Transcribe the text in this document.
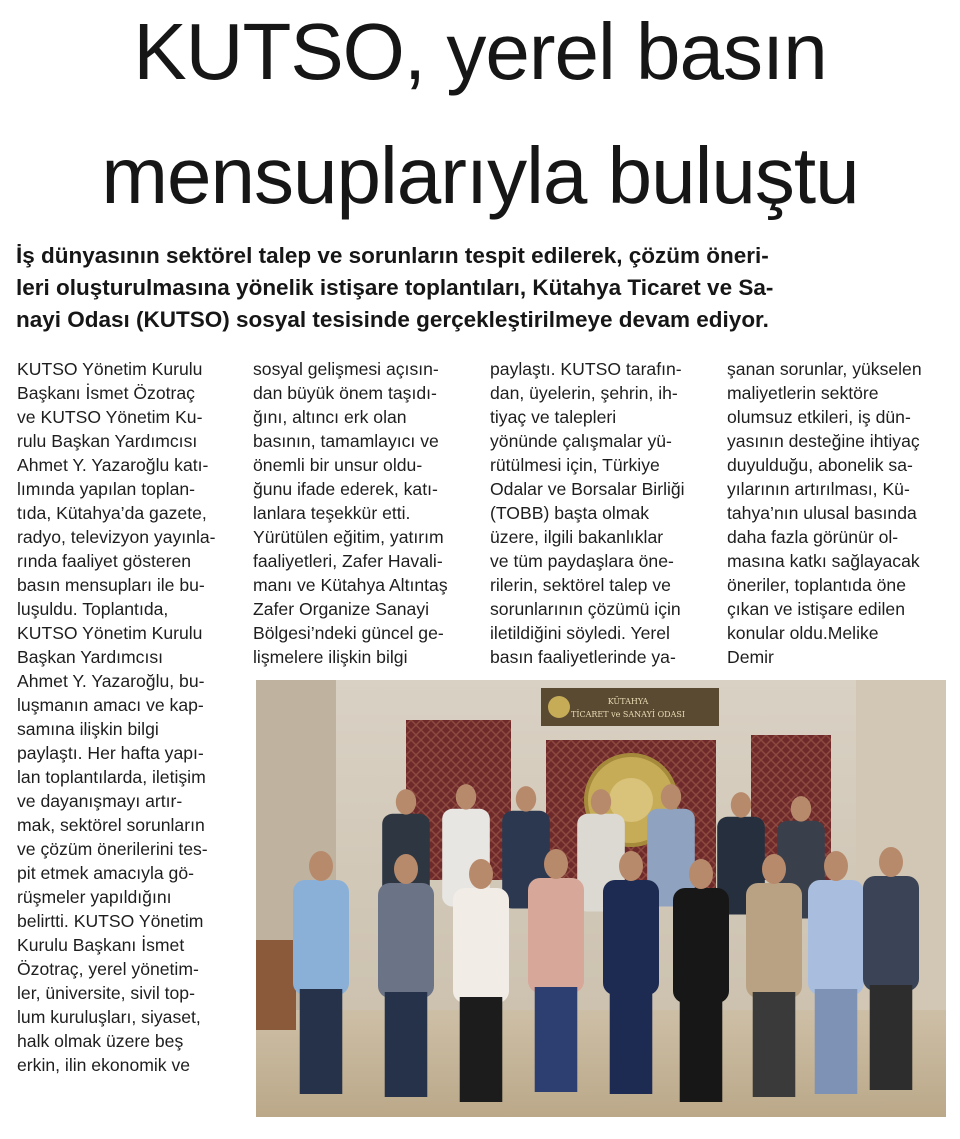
KUTSO, yerel basın
mensuplarıyla buluştu
İş dünyasının sektörel talep ve sorunların tespit edilerek, çözüm öneri-
leri oluşturulmasına yönelik istişare toplantıları, Kütahya Ticaret ve Sa-
nayi Odası (KUTSO) sosyal tesisinde gerçekleştirilmeye devam ediyor.
KUTSO Yönetim Kurulu
Başkanı İsmet Özotraç
ve KUTSO Yönetim Ku-
rulu Başkan Yardımcısı
Ahmet Y. Yazaroğlu katı-
lımında yapılan toplan-
tıda, Kütahya’da gazete,
radyo, televizyon yayınla-
rında faaliyet gösteren
basın mensupları ile bu-
luşuldu. Toplantıda,
KUTSO Yönetim Kurulu
Başkan Yardımcısı
Ahmet Y. Yazaroğlu, bu-
luşmanın amacı ve kap-
samına ilişkin bilgi
paylaştı. Her hafta yapı-
lan toplantılarda, iletişim
ve dayanışmayı artır-
mak, sektörel sorunların
ve çözüm önerilerini tes-
pit etmek amacıyla gö-
rüşmeler yapıldığını
belirtti. KUTSO Yönetim
Kurulu Başkanı İsmet
Özotraç, yerel yönetim-
ler, üniversite, sivil top-
lum kuruluşları, siyaset,
halk olmak üzere beş
erkin, ilin ekonomik ve
sosyal gelişmesi açısın-
dan büyük önem taşıdı-
ğını, altıncı erk olan
basının, tamamlayıcı ve
önemli bir unsur oldu-
ğunu ifade ederek, katı-
lanlara teşekkür etti.
Yürütülen eğitim, yatırım
faaliyetleri, Zafer Havali-
manı ve Kütahya Altıntaş
Zafer Organize Sanayi
Bölgesi’ndeki güncel ge-
lişmelere ilişkin bilgi
paylaştı. KUTSO tarafın-
dan, üyelerin, şehrin, ih-
tiyaç ve talepleri
yönünde çalışmalar yü-
rütülmesi için, Türkiye
Odalar ve Borsalar Birliği
(TOBB) başta olmak
üzere, ilgili bakanlıklar
ve tüm paydaşlara öne-
rilerin, sektörel talep ve
sorunlarının çözümü için
iletildiğini söyledi. Yerel
basın faaliyetlerinde ya-
şanan sorunlar, yükselen
maliyetlerin sektöre
olumsuz etkileri, iş dün-
yasının desteğine ihtiyaç
duyulduğu, abonelik sa-
yılarının artırılması, Kü-
tahya’nın ulusal basında
daha fazla görünür ol-
masına katkı sağlayacak
öneriler, toplantıda öne
çıkan ve istişare edilen
konular oldu.Melike
Demir
KÜTAHYA
TİCARET ve SANAYİ ODASI
